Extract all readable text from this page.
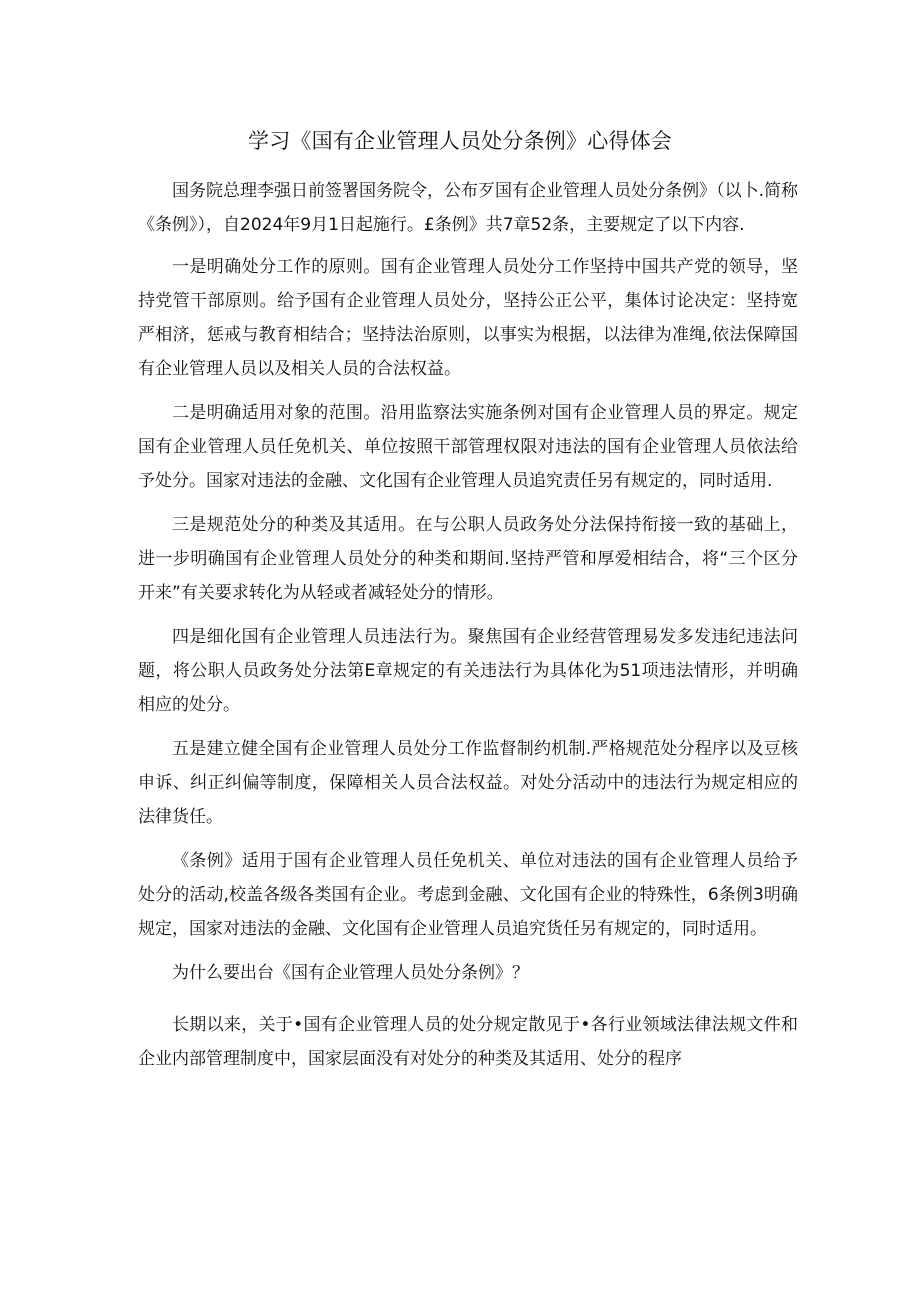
学习《国有企业管理人员处分条例》心得体会

国务院总理李强日前签署国务院令，公布歹国有企业管理人员处分条例》（以卜.简称《条例》），自2024年9月1日起施行。£条例》共7章52条，主要规定了以下内容.

一是明确处分工作的原则。国有企业管理人员处分工作坚持中国共产党的领导，坚持党管干部原则。给予国有企业管理人员处分，坚持公正公平，集体讨论决定：坚持宽严相济，惩戒与教育相结合；坚持法治原则，以事实为根据，以法律为准绳,依法保障国有企业管理人员以及相关人员的合法权益。

二是明确适用对象的范围。沿用监察法实施条例对国有企业管理人员的界定。规定国有企业管理人员任免机关、单位按照干部管理权限对违法的国有企业管理人员依法给予处分。国家对违法的金融、文化国有企业管理人员追究责任另有规定的，同时适用.

三是规范处分的种类及其适用。在与公职人员政务处分法保持衔接一致的基础上，进一步明确国有企业管理人员处分的种类和期间.坚持严管和厚爱相结合，将“三个区分开来”有关要求转化为从轻或者减轻处分的情形。

四是细化国有企业管理人员违法行为。聚焦国有企业经营管理易发多发违纪违法问题，将公职人员政务处分法第E章规定的有关违法行为具体化为51项违法情形，并明确相应的处分。

五是建立健全国有企业管理人员处分工作监督制约机制.严格规范处分程序以及豆核申诉、纠正纠偏等制度，保障相关人员合法权益。对处分活动中的违法行为规定相应的法律货任。

《条例》适用于国有企业管理人员任免机关、单位对违法的国有企业管理人员给予处分的活动,校盖各级各类国有企业。考虑到金融、文化国有企业的特殊性，6条例3明确规定，国家对违法的金融、文化国有企业管理人员追究货任另有规定的，同时适用。

为什么要出台《国有企业管理人员处分条例》？

长期以来，关于•国有企业管理人员的处分规定散见于•各行业领域法律法规文件和企业内部管理制度中，国家层面没有对处分的种类及其适用、处分的程序
